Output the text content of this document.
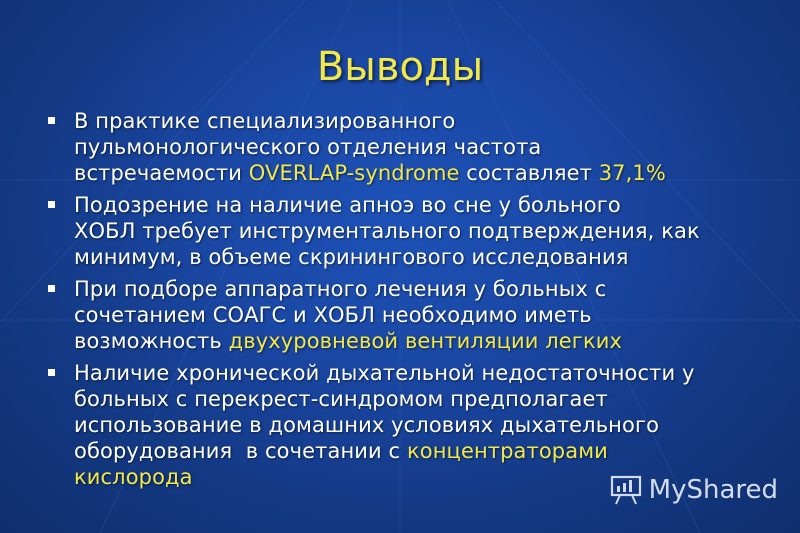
Выводы
В практике специализированного
пульмонологического отделения частота
встречаемости OVERLAP-syndrome составляет 37,1%
Подозрение на наличие апноэ во сне у больного
ХОБЛ требует инструментального подтверждения, как
минимум, в объеме скринингового исследования
При подборе аппаратного лечения у больных с
сочетанием СОАГС и ХОБЛ необходимо иметь
возможность двухуровневой вентиляции легких
Наличие хронической дыхательной недостаточности у
больных с перекрест-синдромом предполагает
использование в домашних условиях дыхательного
оборудования  в сочетании с концентраторами
кислорода	MyShared
